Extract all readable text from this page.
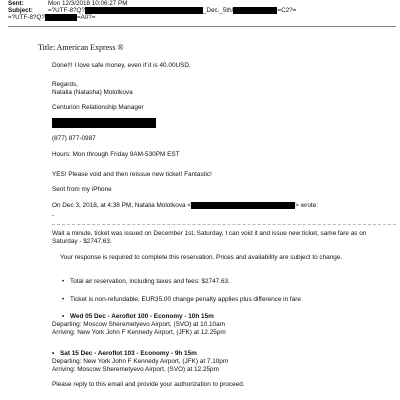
Sent:	Mon 12/3/2018 10:06:27 PM
Subject: =?UTF-8?Q?	_Dec._5th/	=C2?=
=?UTF-8?Q?	=A0?=
Title: American Express ®
Done!!! I love safe money, even if it is 40.00USD.
Regards,
Natalia (Natasha) Molotkova
Centurion Relationship Manager
(877) 877-0987
Hours: Mon through Friday 9AM-530PM EST
YES! Please void and then reissue new ticket! Fantastic!
Sent from my iPhone
On Dec 3, 2018, at 4:38 PM, Natalia Molotkova <	> wrote:
-
Wait a minute, ticket was issued on December 1st, Saturday, I can void it and issue new ticket, same fare as on Saturday - $2747.63.
Your response is required to complete this reservation. Prices and availability are subject to change.
• Total air reservation, including taxes and fees: $2747.63.
• Ticket is non-refundable, EUR35.00 change penalty applies plus difference in fare
• Wed 05 Dec - Aeroflot 100 - Economy - 10h 15m
Departing: Moscow Sheremetyevo Airport, (SVO) at 10.10am
Arriving: New York John F Kennedy Airport, (JFK) at 12.25pm
• Sat 15 Dec - Aeroflot 103 - Economy - 9h 15m
Departing: New York John F Kennedy Airport, (JFK) at 7.10pm
Arriving: Moscow Sheremetyevo Airport, (SVO) at 12.25pm
Please reply to this email and provide your authorization to proceed.
